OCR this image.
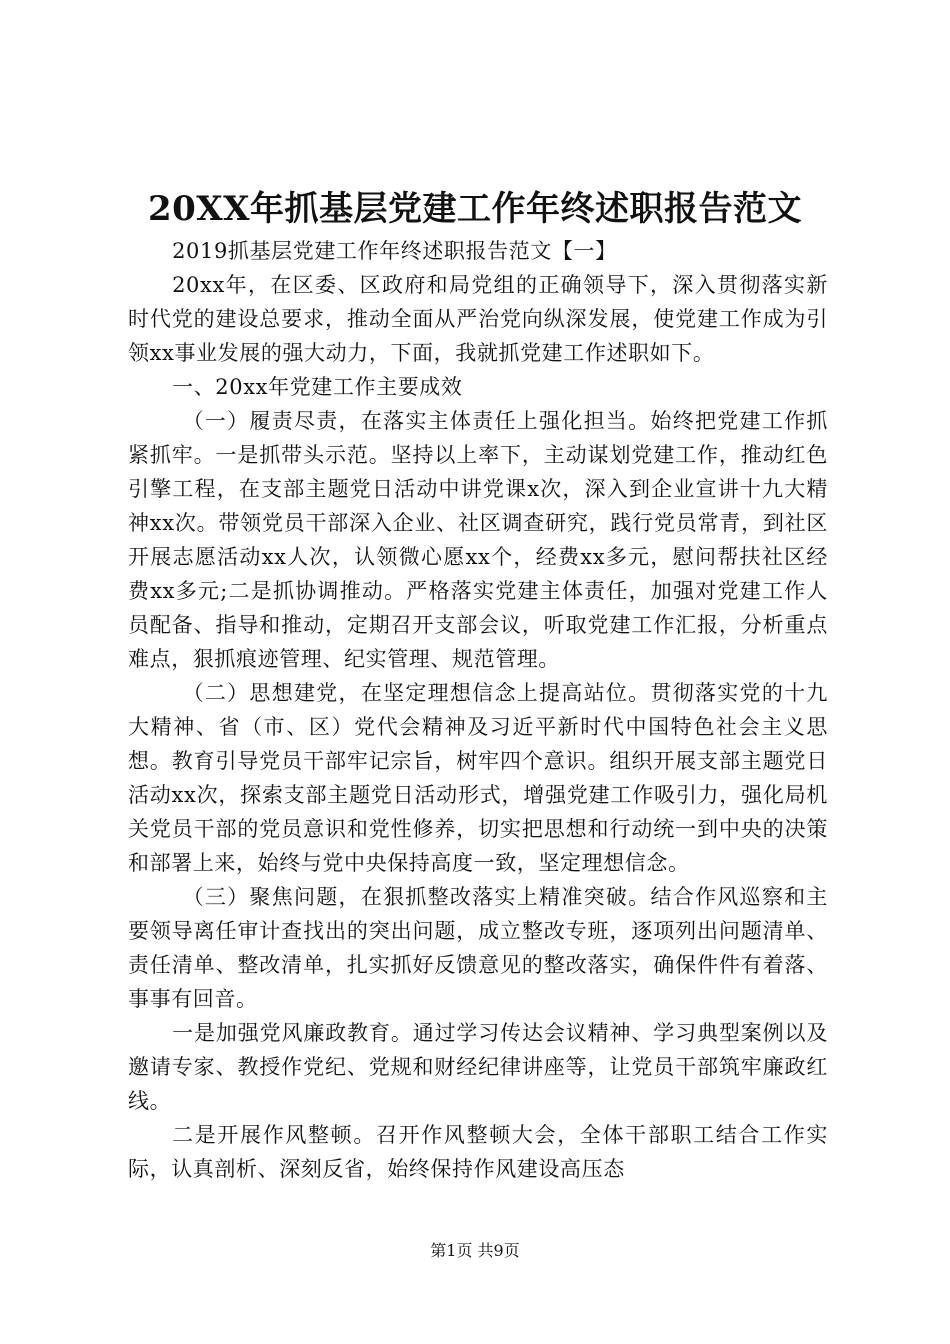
20XX年抓基层党建工作年终述职报告范文

2019抓基层党建工作年终述职报告范文【一】

20xx年，在区委、区政府和局党组的正确领导下，深入贯彻落实新时代党的建设总要求，推动全面从严治党向纵深发展，使党建工作成为引领xx事业发展的强大动力，下面，我就抓党建工作述职如下。

一、20xx年党建工作主要成效

（一）履责尽责，在落实主体责任上强化担当。始终把党建工作抓紧抓牢。一是抓带头示范。坚持以上率下，主动谋划党建工作，推动红色引擎工程，在支部主题党日活动中讲党课x次，深入到企业宣讲十九大精神xx次。带领党员干部深入企业、社区调查研究，践行党员常青，到社区开展志愿活动xx人次，认领微心愿xx个，经费xx多元，慰问帮扶社区经费xx多元;二是抓协调推动。严格落实党建主体责任，加强对党建工作人员配备、指导和推动，定期召开支部会议，听取党建工作汇报，分析重点难点，狠抓痕迹管理、纪实管理、规范管理。

（二）思想建党，在坚定理想信念上提高站位。贯彻落实党的十九大精神、省（市、区）党代会精神及习近平新时代中国特色社会主义思想。教育引导党员干部牢记宗旨，树牢四个意识。组织开展支部主题党日活动xx次，探索支部主题党日活动形式，增强党建工作吸引力，强化局机关党员干部的党员意识和党性修养，切实把思想和行动统一到中央的决策和部署上来，始终与党中央保持高度一致，坚定理想信念。

（三）聚焦问题，在狠抓整改落实上精准突破。结合作风巡察和主要领导离任审计查找出的突出问题，成立整改专班，逐项列出问题清单、责任清单、整改清单，扎实抓好反馈意见的整改落实，确保件件有着落、事事有回音。

一是加强党风廉政教育。通过学习传达会议精神、学习典型案例以及邀请专家、教授作党纪、党规和财经纪律讲座等，让党员干部筑牢廉政红线。

二是开展作风整顿。召开作风整顿大会，全体干部职工结合工作实际，认真剖析、深刻反省，始终保持作风建设高压态

第1页 共9页
